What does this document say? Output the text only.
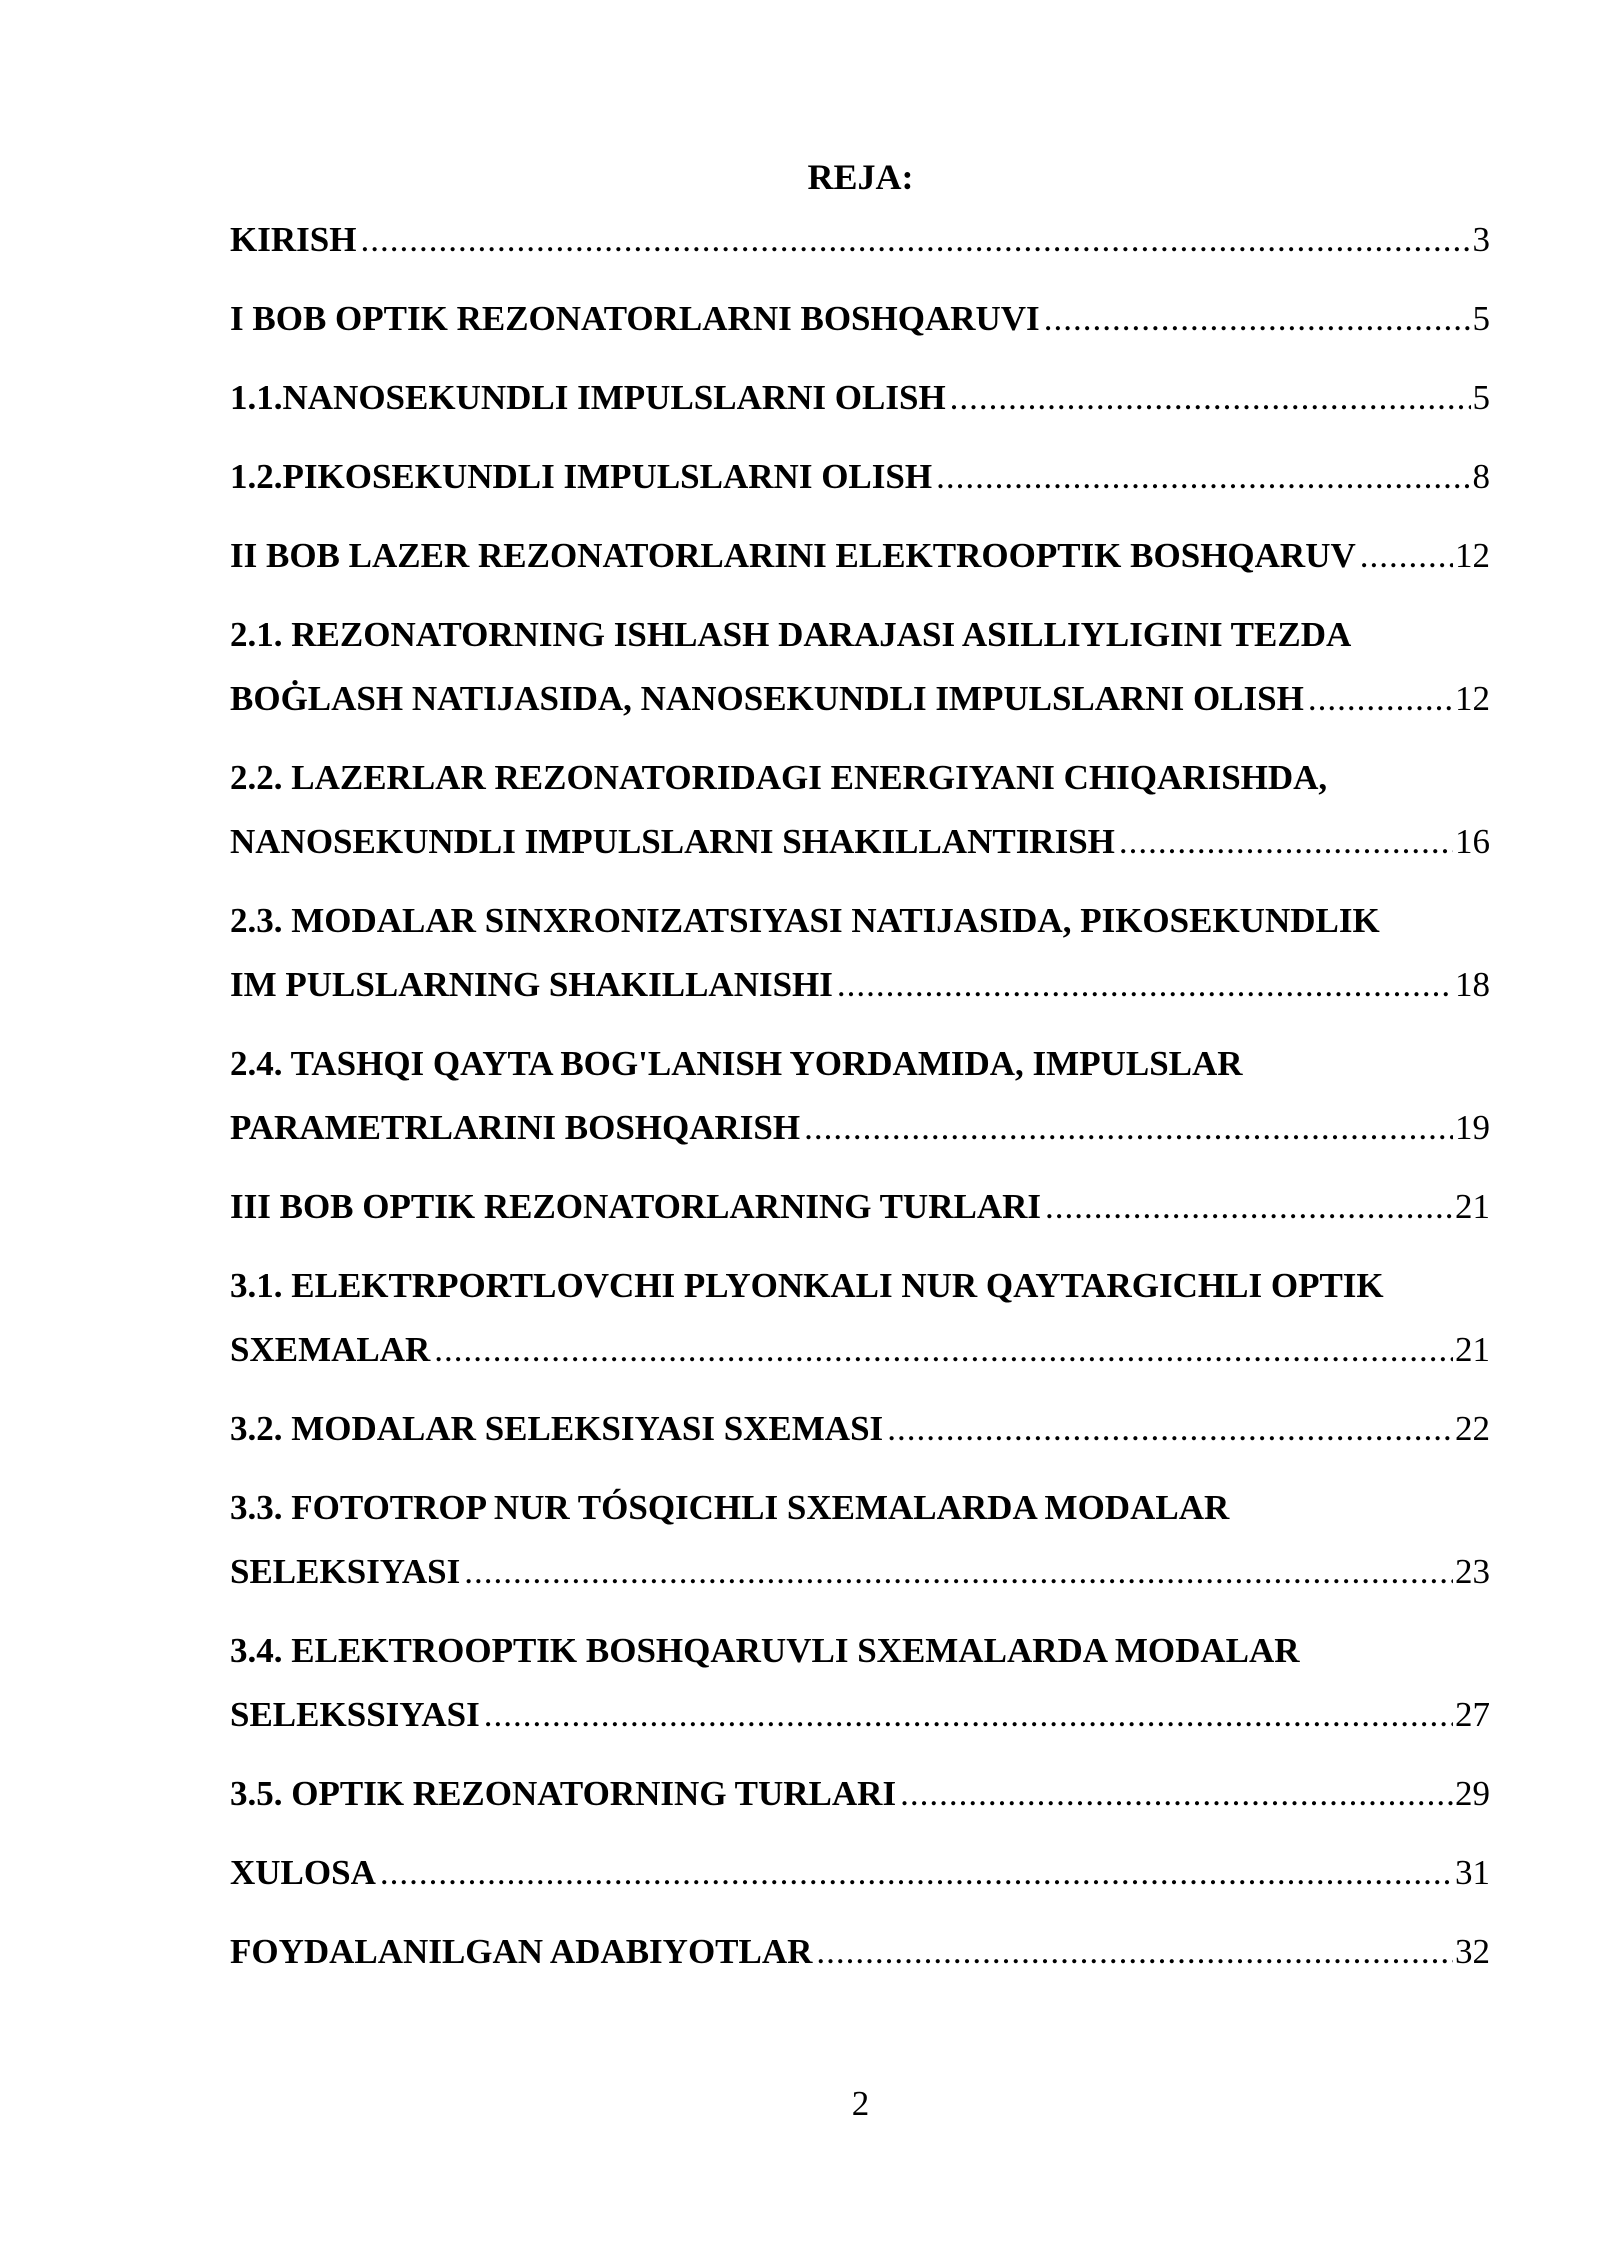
REJA:
KIRISH .....	3
I BOB OPTIK REZONATORLARNI BOSHQARUVI .....	5
1.1. NANOSEKUNDLI IMPULSLARNI OLISH .....	5
1.2. PIKOSEKUNDLI IMPULSLARNI OLISH .....	8
II BOB LAZER REZONATORLARINI ELEKTROOPTIK BOSHQARUV .....	12
2.1. REZONATORNING ISHLASH DARAJASI ASILLIYLIGINI TEZDA
BOĠLASH NATIJASIDA, NANOSEKUNDLI IMPULSLARNI OLISH .....	12
2.2. LAZERLAR REZONATORIDAGI ENERGIYANI CHIQARISHDA,
NANOSEKUNDLI IMPULSLARNI SHAKILLANTIRISH .....	16
2.3. MODALAR SINXRONIZATSIYASI NATIJASIDA, PIKOSEKUNDLIK
IM PULSLARNING SHAKILLANISHI .....	18
2.4. TASHQI QAYTA BOG'LANISH YORDAMIDA, IMPULSLAR
PARAMETRLARINI BOSHQARISH .....	19
III BOB OPTIK REZONATORLARNING TURLARI .....	21
3.1. ELEKTRPORTLOVCHI PLYONKALI NUR QAYTARGICHLI OPTIK
SXEMALAR .....	21
3.2. MODALAR SELEKSIYASI SXEMASI .....	22
3.3. FOTOTROP NUR TÓSQICHLI SXEMALARDA MODALAR
SELEKSIYASI .....	23
3.4. ELEKTROOPTIK BOSHQARUVLI SXEMALARDA MODALAR
SELEKSSIYASI .....	27
3.5. OPTIK REZONATORNING TURLARI .....	29
XULOSA .....	31
FOYDALANILGAN ADABIYOTLAR .....	32
2
